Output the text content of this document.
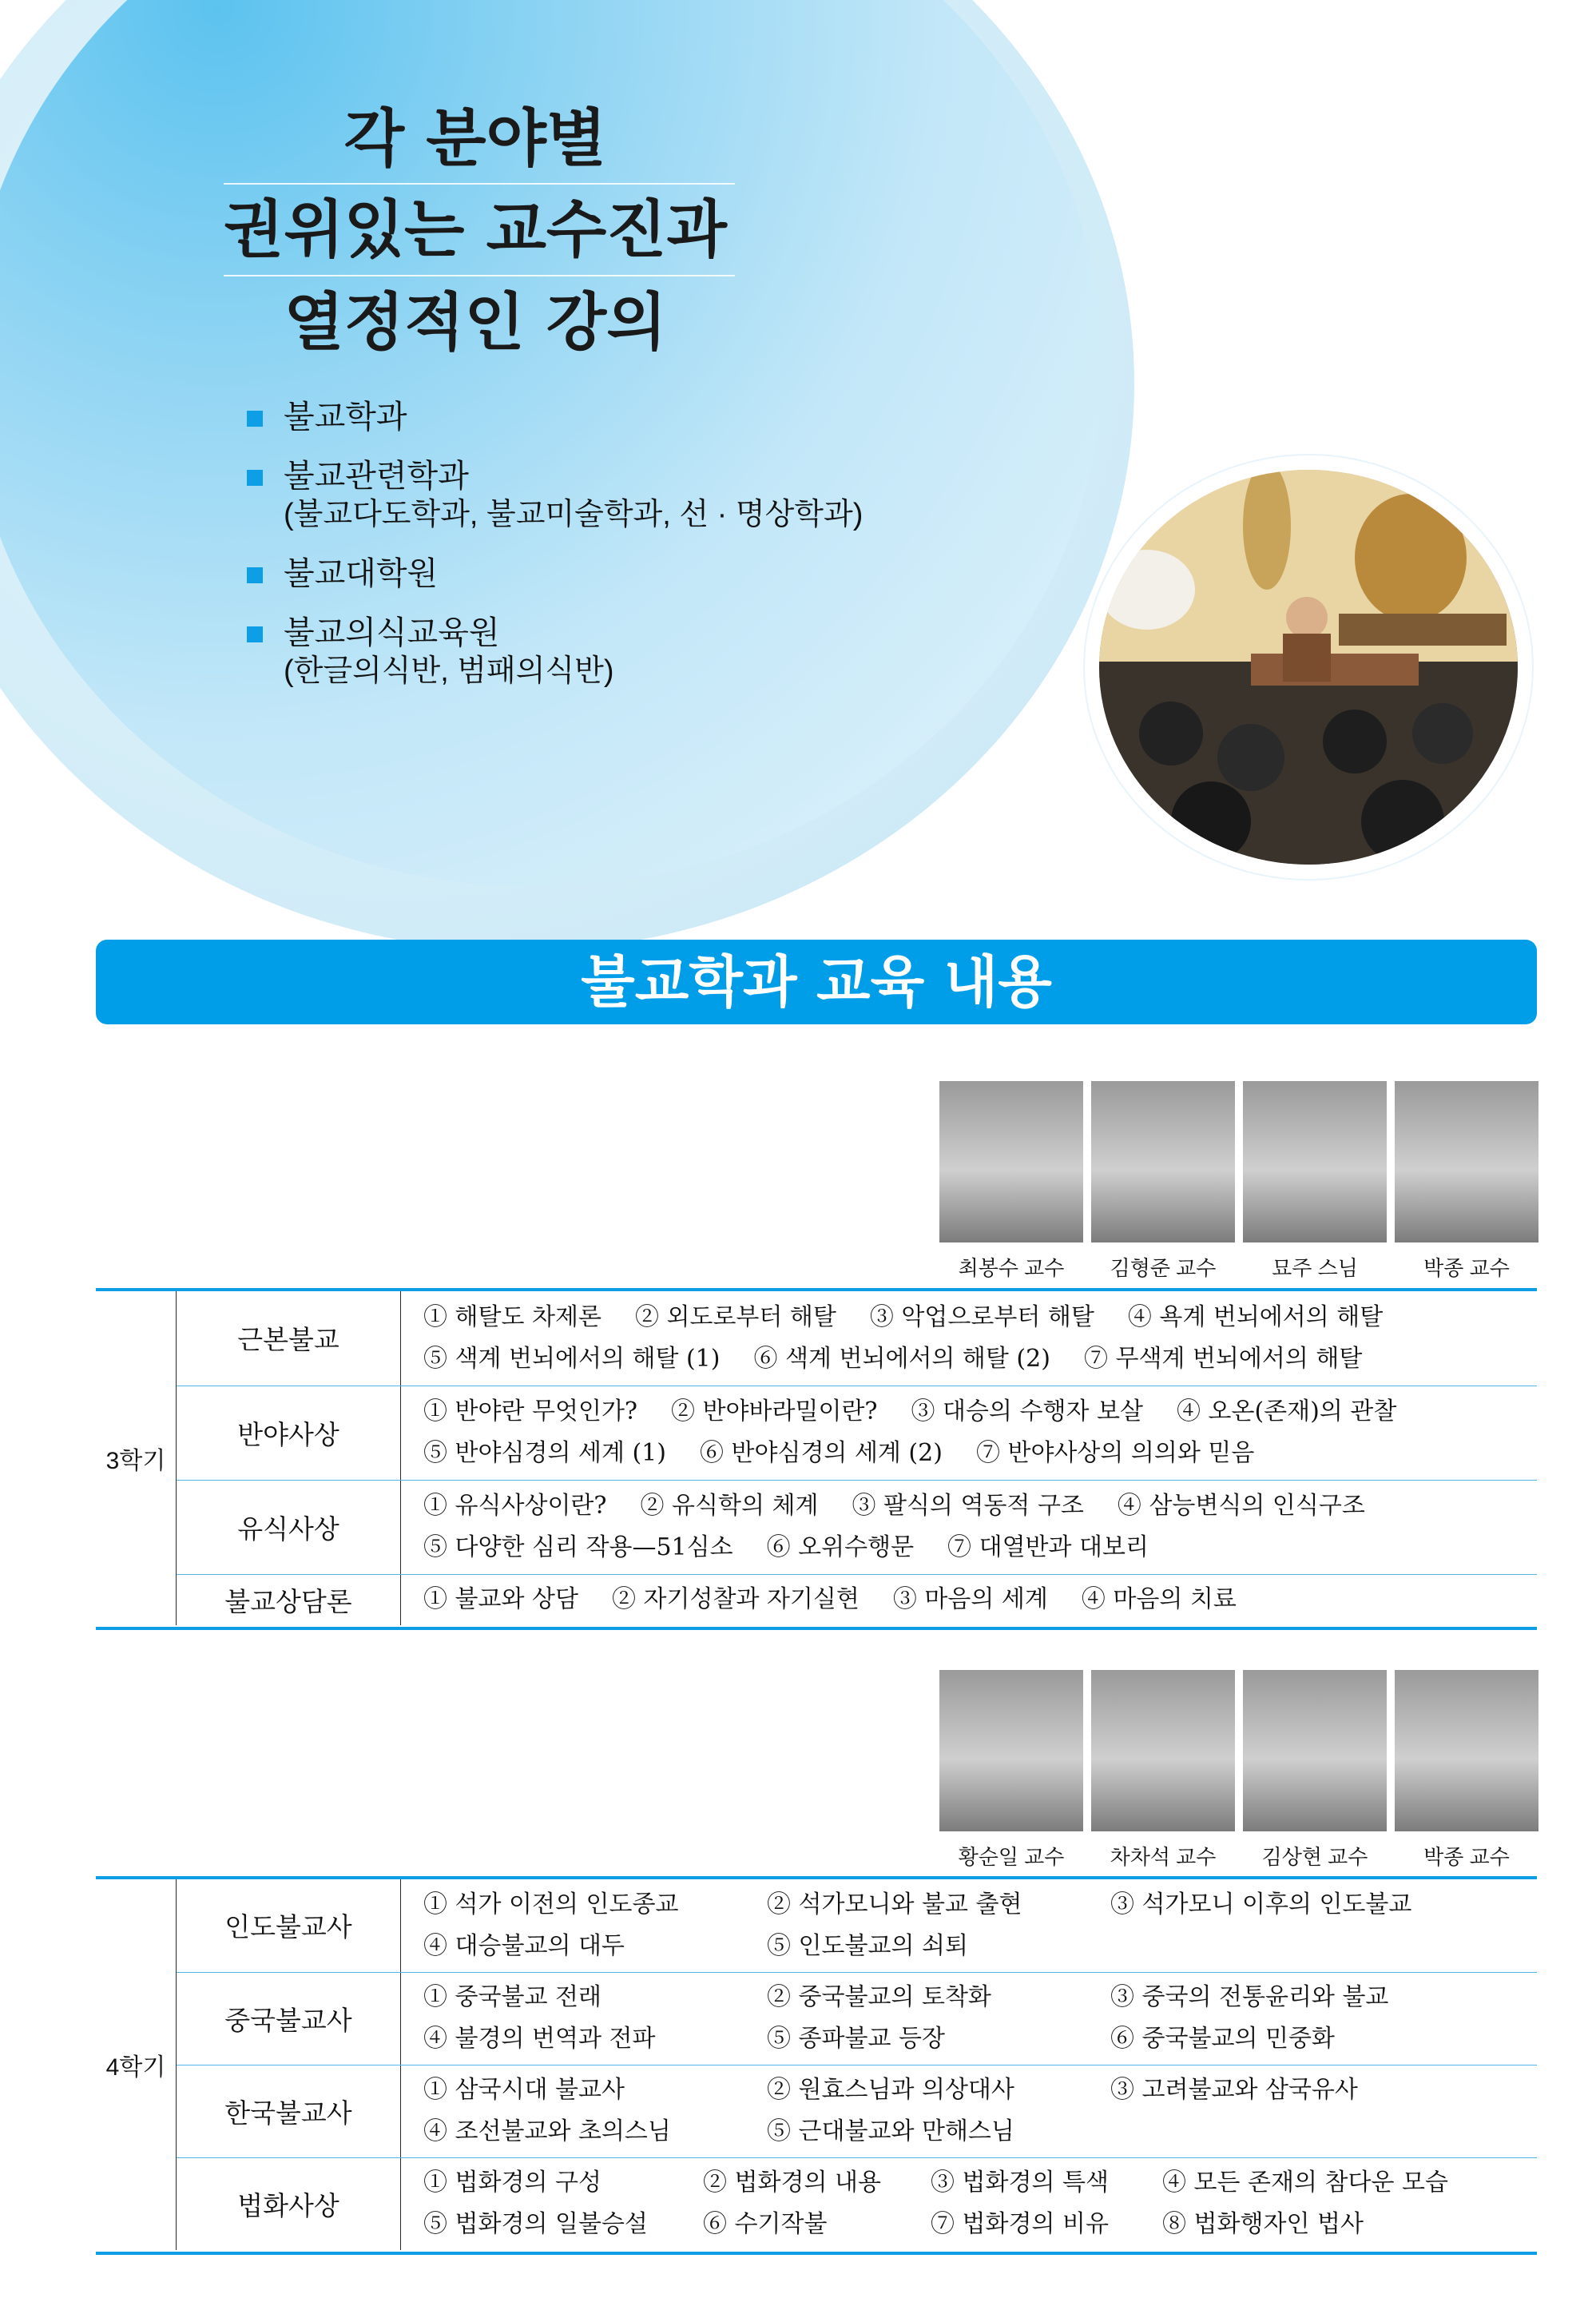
각 분야별
권위있는 교수진과
열정적인 강의
불교학과
불교관련학과
(불교다도학과, 불교미술학과, 선 · 명상학과)
불교대학원
불교의식교육원
(한글의식반, 범패의식반)
불교학과 교육 내용
최봉수 교수	김형준 교수	묘주 스님	박종 교수
3학기	근본불교	① 해탈도 차제론 ② 외도로부터 해탈 ③ 악업으로부터 해탈 ④ 욕계 번뇌에서의 해탈
⑤ 색계 번뇌에서의 해탈 (1) ⑥ 색계 번뇌에서의 해탈 (2) ⑦ 무색계 번뇌에서의 해탈

	반야사상	① 반야란 무엇인가? ② 반야바라밀이란? ③ 대승의 수행자 보살 ④ 오온(존재)의 관찰
⑤ 반야심경의 세계 (1) ⑥ 반야심경의 세계 (2) ⑦ 반야사상의 의의와 믿음

	유식사상	① 유식사상이란? ② 유식학의 체계 ③ 팔식의 역동적 구조 ④ 삼능변식의 인식구조
⑤ 다양한 심리 작용—51심소 ⑥ 오위수행문 ⑦ 대열반과 대보리

	불교상담론	① 불교와 상담 ② 자기성찰과 자기실현 ③ 마음의 세계 ④ 마음의 치료
황순일 교수	차차석 교수	김상현 교수	박종 교수
4학기	인도불교사	① 석가 이전의 인도종교 ② 석가모니와 불교 출현 ③ 석가모니 이후의 인도불교
④ 대승불교의 대두 ⑤ 인도불교의 쇠퇴

	중국불교사	① 중국불교 전래 ② 중국불교의 토착화 ③ 중국의 전통윤리와 불교
④ 불경의 번역과 전파 ⑤ 종파불교 등장 ⑥ 중국불교의 민중화

	한국불교사	① 삼국시대 불교사 ② 원효스님과 의상대사 ③ 고려불교와 삼국유사
④ 조선불교와 초의스님 ⑤ 근대불교와 만해스님

	법화사상	① 법화경의 구성 ② 법화경의 내용 ③ 법화경의 특색 ④ 모든 존재의 참다운 모습
⑤ 법화경의 일불승설 ⑥ 수기작불 ⑦ 법화경의 비유 ⑧ 법화행자인 법사
